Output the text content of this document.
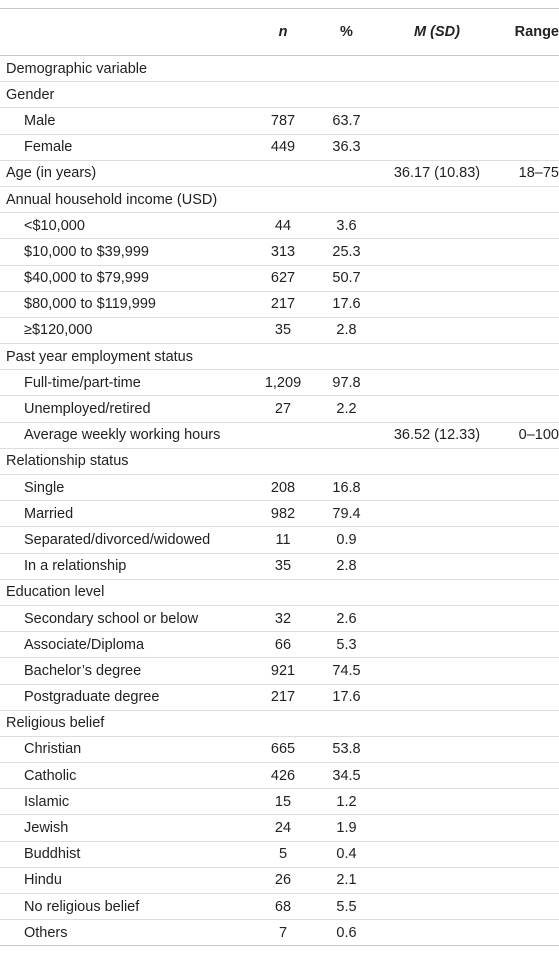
	n	%	M (SD)	Range
Demographic variable				
Gender				
Male	787	63.7		
Female	449	36.3		
Age (in years)			36.17 (10.83)	18–75
Annual household income (USD)				
<$10,000	44	3.6		
$10,000 to $39,999	313	25.3		
$40,000 to $79,999	627	50.7		
$80,000 to $119,999	217	17.6		
≥$120,000	35	2.8		
Past year employment status				
Full-time/part-time	1,209	97.8		
Unemployed/retired	27	2.2		
Average weekly working hours			36.52 (12.33)	0–100
Relationship status				
Single	208	16.8		
Married	982	79.4		
Separated/divorced/widowed	11	0.9		
In a relationship	35	2.8		
Education level				
Secondary school or below	32	2.6		
Associate/Diploma	66	5.3		
Bachelor’s degree	921	74.5		
Postgraduate degree	217	17.6		
Religious belief				
Christian	665	53.8		
Catholic	426	34.5		
Islamic	15	1.2		
Jewish	24	1.9		
Buddhist	5	0.4		
Hindu	26	2.1		
No religious belief	68	5.5		
Others	7	0.6		
